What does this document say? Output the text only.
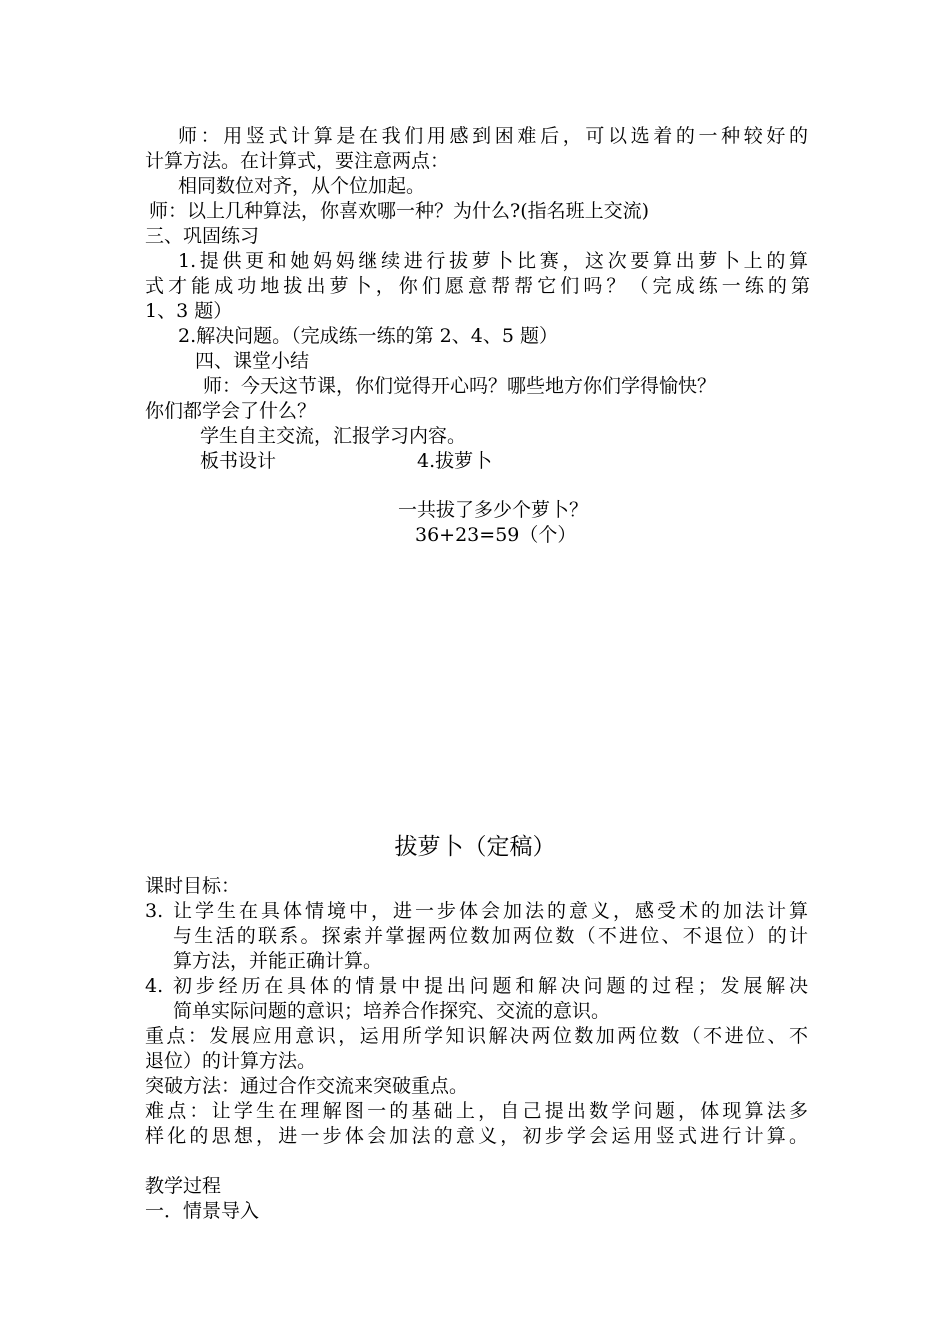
师：用竖式计算是在我们用感到困难后，可以选着的一种较好的
计算方法。在计算式，要注意两点：
相同数位对齐，从个位加起。
师：以上几种算法，你喜欢哪一种？为什么?(指名班上交流)
三、巩固练习
1.提供更和她妈妈继续进行拔萝卜比赛，这次要算出萝卜上的算
式才能成功地拔出萝卜，你们愿意帮帮它们吗？（完成练一练的第
1、3 题）
2.解决问题。（完成练一练的第 2、4、5 题）
四、课堂小结
师：今天这节课，你们觉得开心吗？哪些地方你们学得愉快？
你们都学会了什么？
学生自主交流，汇报学习内容。
板书设计	4.拔萝卜
一共拔了多少个萝卜？
36+23=59（个）
拔萝卜（定稿）
课时目标：
3. 让学生在具体情境中，进一步体会加法的意义，感受术的加法计算
与生活的联系。探索并掌握两位数加两位数（不进位、不退位）的计
算方法，并能正确计算。
4. 初步经历在具体的情景中提出问题和解决问题的过程；发展解决
简单实际问题的意识；培养合作探究、交流的意识。
重点：发展应用意识，运用所学知识解决两位数加两位数（不进位、不
退位）的计算方法。
突破方法：通过合作交流来突破重点。
难点：让学生在理解图一的基础上，自己提出数学问题，体现算法多
样化的思想，进一步体会加法的意义，初步学会运用竖式进行计算。
教学过程
一．情景导入
